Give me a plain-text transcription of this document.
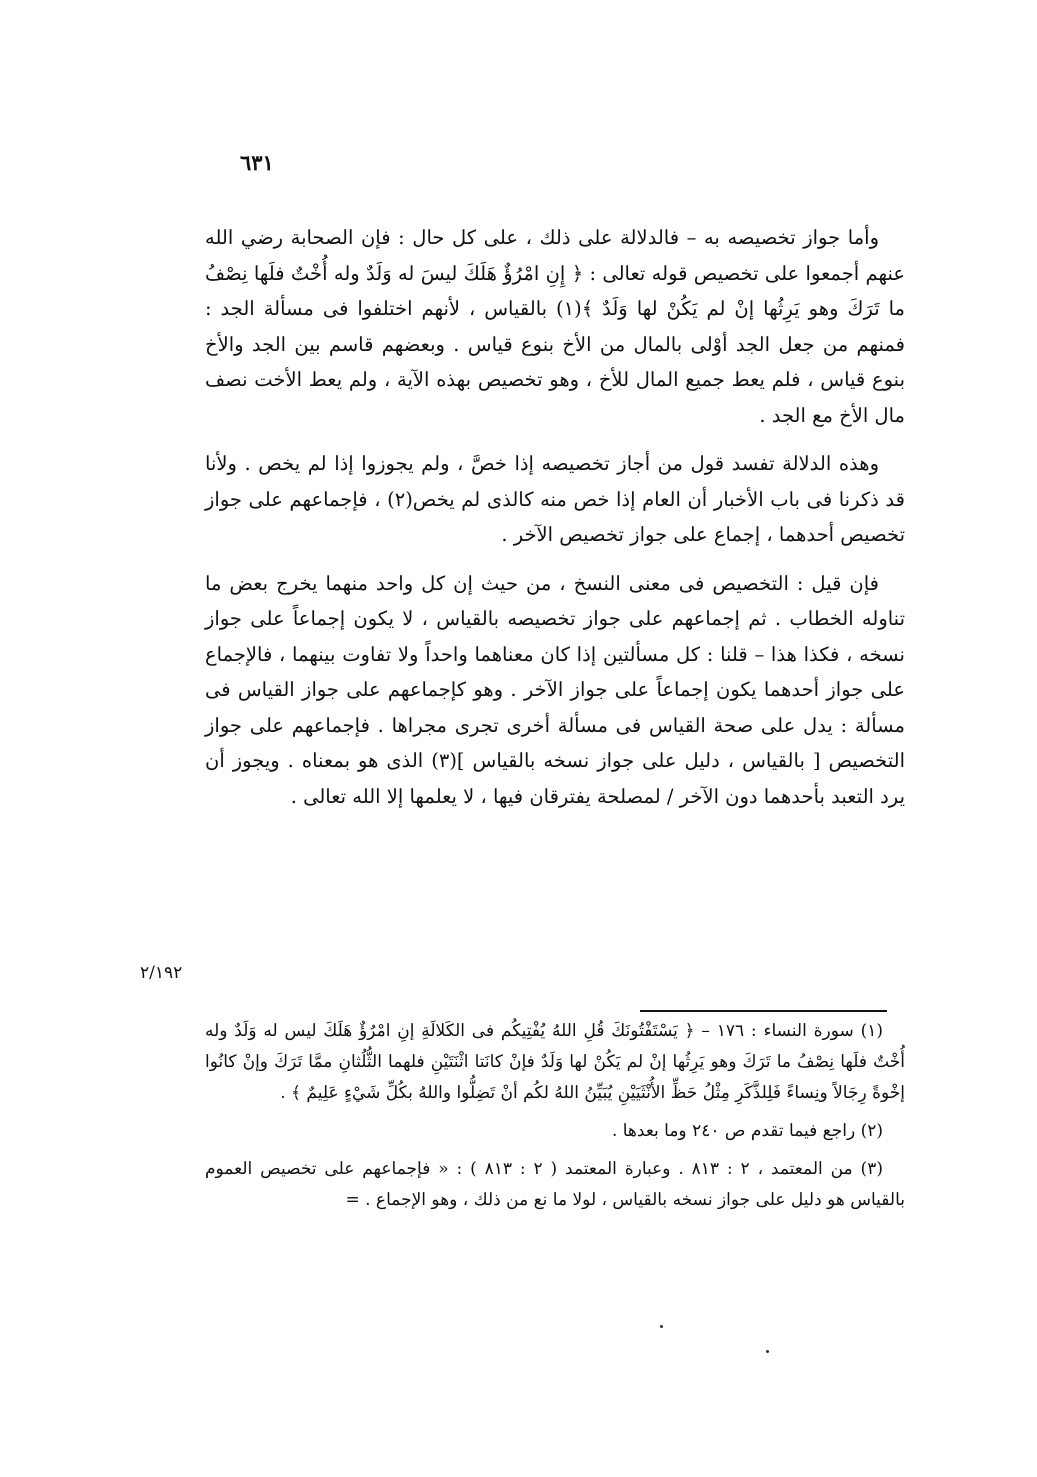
٦٣١

وأما جواز تخصيصه به – فالدلالة على ذلك ، على كل حال : فإن الصحابة رضي الله عنهم أجمعوا على تخصيص قوله تعالى : ﴿ إِنِ امْرُؤٌ هَلَكَ ليسَ له وَلَدٌ وله أُخْتٌ فلَها نِصْفُ ما تَرَكَ وهو يَرِثُها إنْ لم يَكُنْ لها وَلَدٌ ﴾(١) بالقياس ، لأنهم اختلفوا فى مسألة الجد : فمنهم من جعل الجد أوْلى بالمال من الأخ بنوع قياس . وبعضهم قاسم بين الجد والأخ بنوع قياس ، فلم يعط جميع المال للأخ ، وهو تخصيص بهذه الآية ، ولم يعط الأخت نصف مال الأخ مع الجد .

وهذه الدلالة تفسد قول من أجاز تخصيصه إذا خصَّ ، ولم يجوزوا إذا لم يخص . ولأنا قد ذكرنا فى باب الأخبار أن العام إذا خص منه كالذى لم يخص(٢) ، فإجماعهم على جواز تخصيص أحدهما ، إجماع على جواز تخصيص الآخر .

فإن قيل : التخصيص فى معنى النسخ ، من حيث إن كل واحد منهما يخرج بعض ما تناوله الخطاب . ثم إجماعهم على جواز تخصيصه بالقياس ، لا يكون إجماعاً على جواز نسخه ، فكذا هذا – قلنا : كل مسألتين إذا كان معناهما واحداً ولا تفاوت بينهما ، فالإجماع على جواز أحدهما يكون إجماعاً على جواز الآخر . وهو كإجماعهم على جواز القياس فى مسألة : يدل على صحة القياس فى مسألة أخرى تجرى مجراها . فإجماعهم على جواز التخصيص [ بالقياس ، دليل على جواز نسخه بالقياس ](٣) الذى هو بمعناه . ويجوز أن يرد التعبد بأحدهما دون الآخر / لمصلحة يفترقان فيها ، لا يعلمها إلا الله تعالى .

٢/١٩٢

(١) سورة النساء : ١٧٦ – ﴿ يَسْتَفْتُونَكَ قُلِ اللهُ يُفْتِيكُم فى الكَلالَةِ إنِ امْرُؤٌ هَلَكَ ليس له وَلَدٌ وله أُخْتٌ فلَها نِصْفُ ما تَرَكَ وهو يَرِثُها إنْ لم يَكُنْ لها وَلَدٌ فإنْ كانَتا اثْنَتَيْنِ فلهما الثُّلُثانِ ممَّا تَرَكَ وإنْ كانُوا إخْوةً رِجَالاً ونِساءً فَلِلذَّكَرِ مِثْلُ حَظِّ الأُنْثَيَيْنِ يُبَيِّنُ اللهُ لكُم أنْ تَضِلُّوا واللهُ بكُلِّ شَيْءٍ عَلِيمٌ ﴾ .

(٢) راجع فيما تقدم ص ٢٤٠ وما بعدها .

(٣) من المعتمد ، ٢ : ٨١٣ . وعبارة المعتمد ( ٢ : ٨١٣ ) : « فإجماعهم على تخصيص العموم بالقياس هو دليل على جواز نسخه بالقياس ، لولا ما نع من ذلك ، وهو الإجماع . =
